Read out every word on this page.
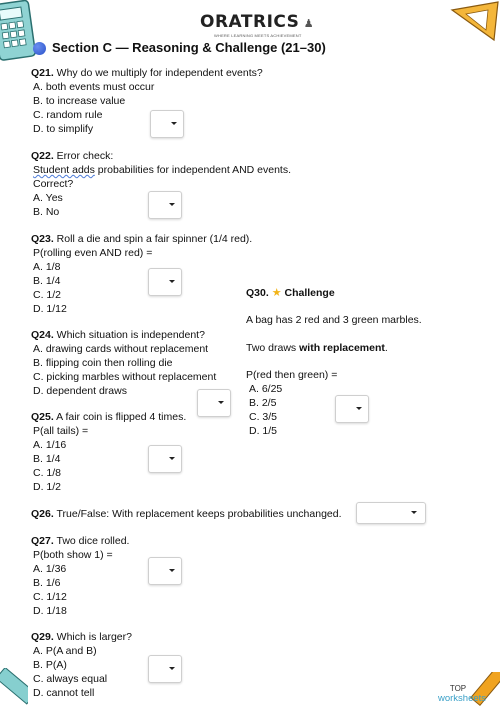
ORATRICS ♟
WHERE LEARNING MEETS ACHIEVEMENT
Section C — Reasoning & Challenge (21–30)
Q21. Why do we multiply for independent events?
A. both events must occur
B. to increase value
C. random rule
D. to simplify
Q22. Error check:
Student adds probabilities for independent AND events.
Correct?
A. Yes
B. No
Q23. Roll a die and spin a fair spinner (1/4 red).
P(rolling even AND red) =
A. 1/8
B. 1/4
C. 1/2
D. 1/12
Q24. Which situation is independent?
A. drawing cards without replacement
B. flipping coin then rolling die
C. picking marbles without replacement
D. dependent draws
Q25. A fair coin is flipped 4 times.
P(all tails) =
A. 1/16
B. 1/4
C. 1/8
D. 1/2
Q26. True/False: With replacement keeps probabilities unchanged.
Q27. Two dice rolled.
P(both show 1) =
A. 1/36
B. 1/6
C. 1/12
D. 1/18
Q29. Which is larger?
A. P(A and B)
B. P(A)
C. always equal
D. cannot tell
Q30. ★ Challenge
A bag has 2 red and 3 green marbles.
Two draws with replacement.
P(red then green) =
A. 6/25
B. 2/5
C. 3/5
D. 1/5
TOP
worksheets
